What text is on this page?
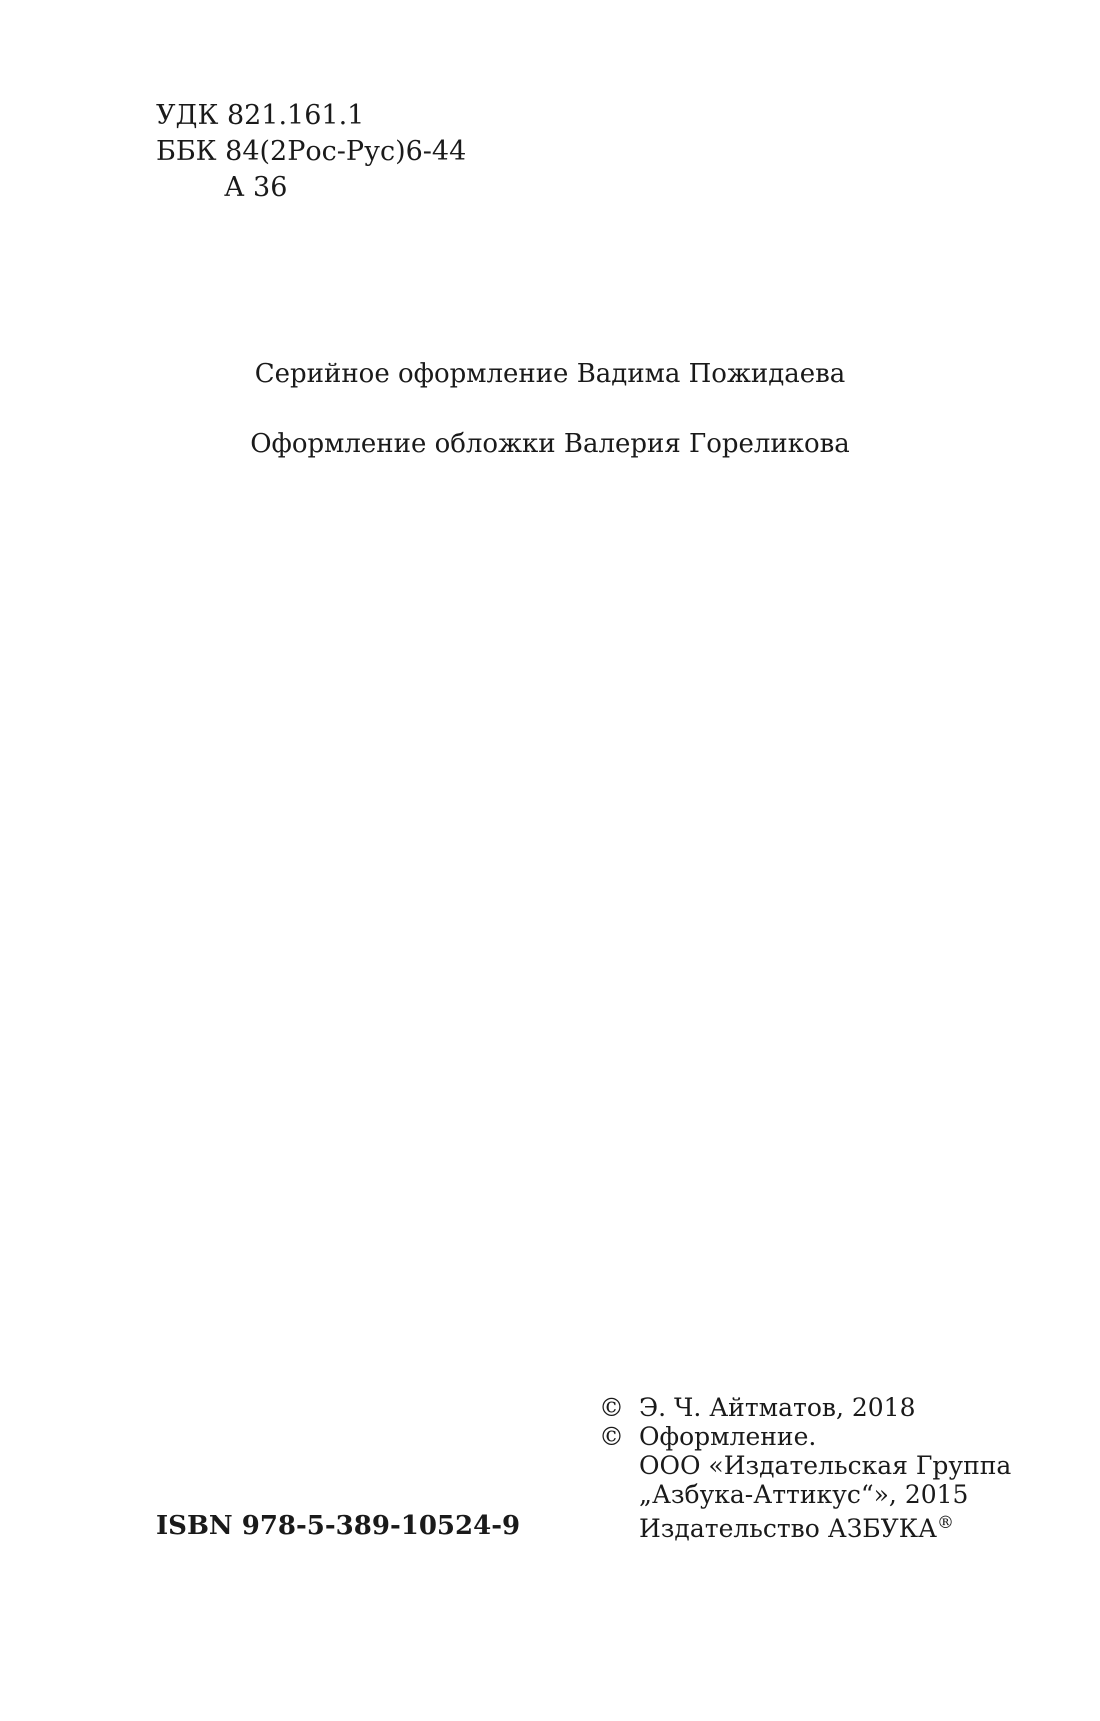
УДК 821.161.1
ББК 84(2Рос-Рус)6-44
А 36
Серийное оформление Вадима Пожидаева
Оформление обложки Валерия Гореликова
ISBN 978-5-389-10524-9
© Э. Ч. Айтматов, 2018
© Оформление.
ООО «Издательская Группа
„Азбука-Аттикус“», 2015
Издательство АЗБУКА®
